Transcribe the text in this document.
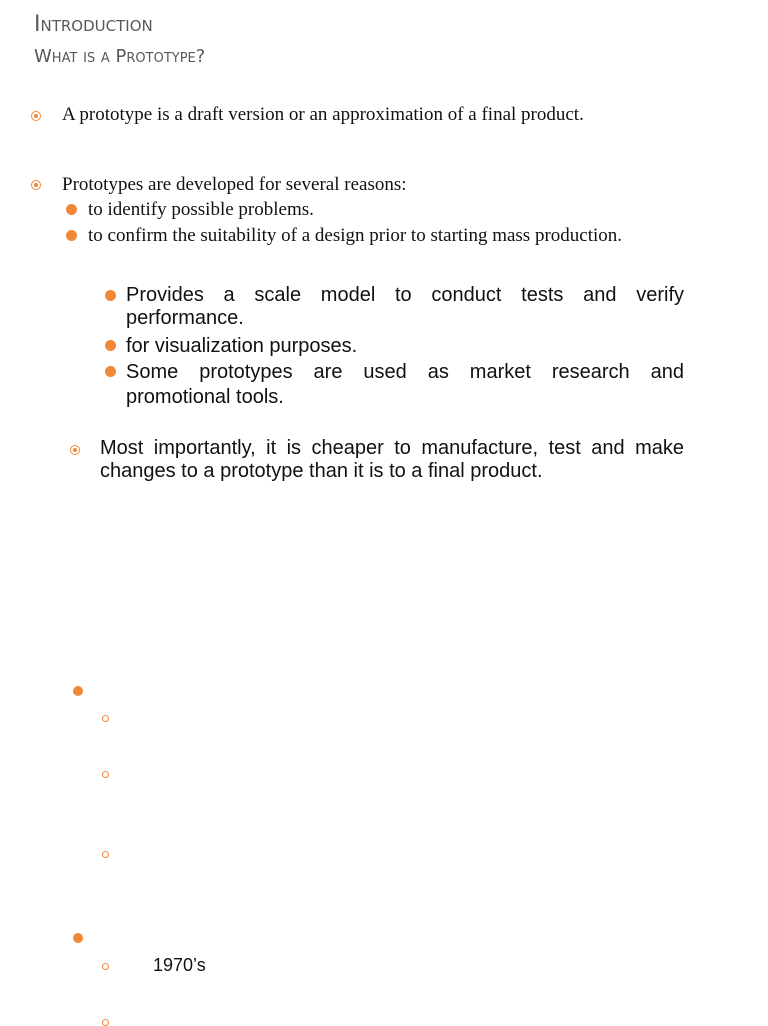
Introduction
What is a Prototype?
A prototype is a draft version or an approximation of a final product.
Prototypes are developed for several reasons:
to identify possible problems.
to confirm the suitability of a design prior to starting mass production.
Provides a scale model to conduct tests and verify performance.
for visualization purposes.
Some prototypes are used as market research and promotional tools.
Most importantly, it is cheaper to manufacture, test and make changes to a prototype than it is to a final product.
1970’s
